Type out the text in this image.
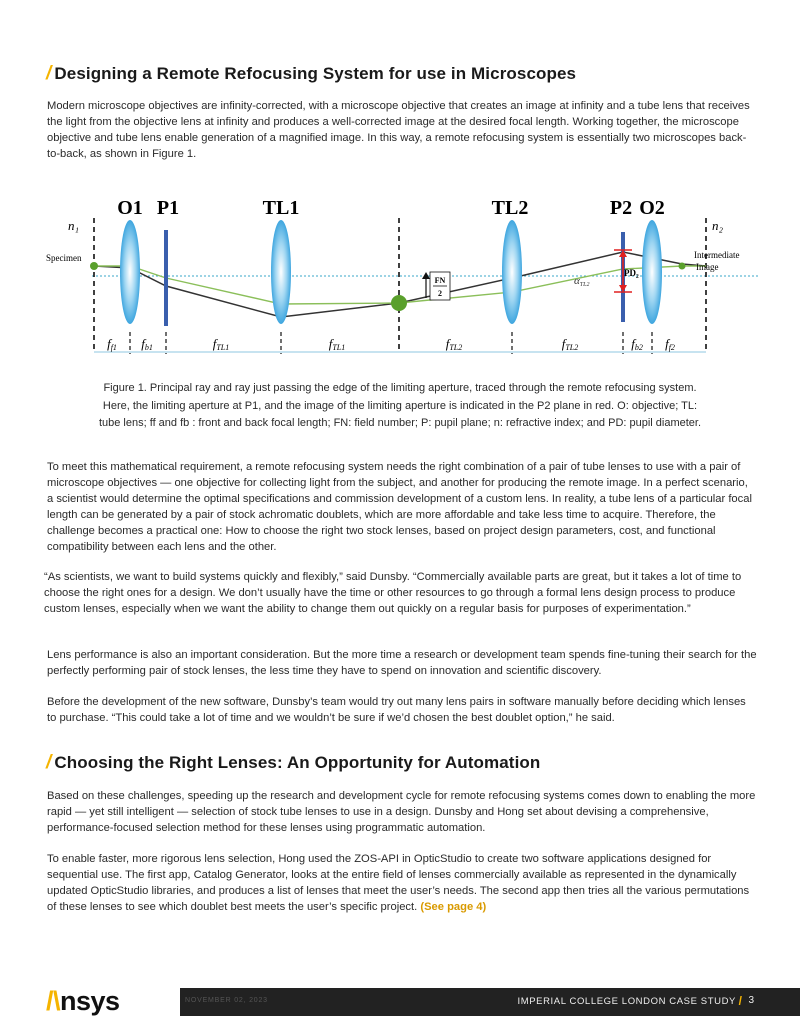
/ Designing a Remote Refocusing System for use in Microscopes
Modern microscope objectives are infinity-corrected, with a microscope objective that creates an image at infinity and a tube lens that receives the light from the objective lens at infinity and produces a well-corrected image at the desired focal length. Working together, the microscope objective and tube lens enable generation of a magnified image. In this way, a remote refocusing system is essentially two microscopes back-to-back, as shown in Figure 1.
FN
2
O1 P1	TL1	TL2	P2 O2
n₁	n₂
Specimen	Intermediate
Image
PD₂
αTL2
ff1 fb1	fTL1	fTL1	fTL2	fTL2	fb2 ff2
Figure 1. Principal ray and ray just passing the edge of the limiting aperture, traced through the remote refocusing system.
Here, the limiting aperture at P1, and the image of the limiting aperture is indicated in the P2 plane in red. O: objective; TL:
tube lens; ff and fb : front and back focal length; FN: field number; P: pupil plane; n: refractive index; and PD: pupil diameter.
To meet this mathematical requirement, a remote refocusing system needs the right combination of a pair of tube lenses to use with a pair of microscope objectives — one objective for collecting light from the subject, and another for producing the remote image. In a perfect scenario, a scientist would determine the optimal specifications and commission development of a custom lens. In reality, a tube lens of a particular focal length can be generated by a pair of stock achromatic doublets, which are more affordable and take less time to acquire. Therefore, the challenge becomes a practical one: How to choose the right two stock lenses, based on project design parameters, cost, and functional compatibility between each lens and the other.
“As scientists, we want to build systems quickly and flexibly,” said Dunsby. “Commercially available parts are great, but it takes a lot of time to choose the right ones for a design. We don’t usually have the time or other resources to go through a formal lens design process to produce custom lenses, especially when we want the ability to change them out quickly on a regular basis for purposes of experimentation.”
Lens performance is also an important consideration. But the more time a research or development team spends fine-tuning their search for the perfectly performing pair of stock lenses, the less time they have to spend on innovation and scientific discovery.
Before the development of the new software, Dunsby’s team would try out many lens pairs in software manually before deciding which lenses to purchase. “This could take a lot of time and we wouldn’t be sure if we’d chosen the best doublet option,” he said.
/ Choosing the Right Lenses: An Opportunity for Automation
Based on these challenges, speeding up the research and development cycle for remote refocusing systems comes down to enabling the more rapid — yet still intelligent — selection of stock tube lenses to use in a design. Dunsby and Hong set about devising a comprehensive, performance-focused selection method for these lenses using programmatic automation.
To enable faster, more rigorous lens selection, Hong used the ZOS-API in OpticStudio to create two software applications designed for sequential use. The first app, Catalog Generator, looks at the entire field of lenses commercially available as represented in the dynamically updated OpticStudio libraries, and produces a list of lenses that meet the user’s needs. The second app then tries all the various permutations of these lenses to see which doublet best meets the user’s specific project. (See page 4)
/\nsys	NOVEMBER 02, 2023	IMPERIAL COLLEGE LONDON CASE STUDY / 3
